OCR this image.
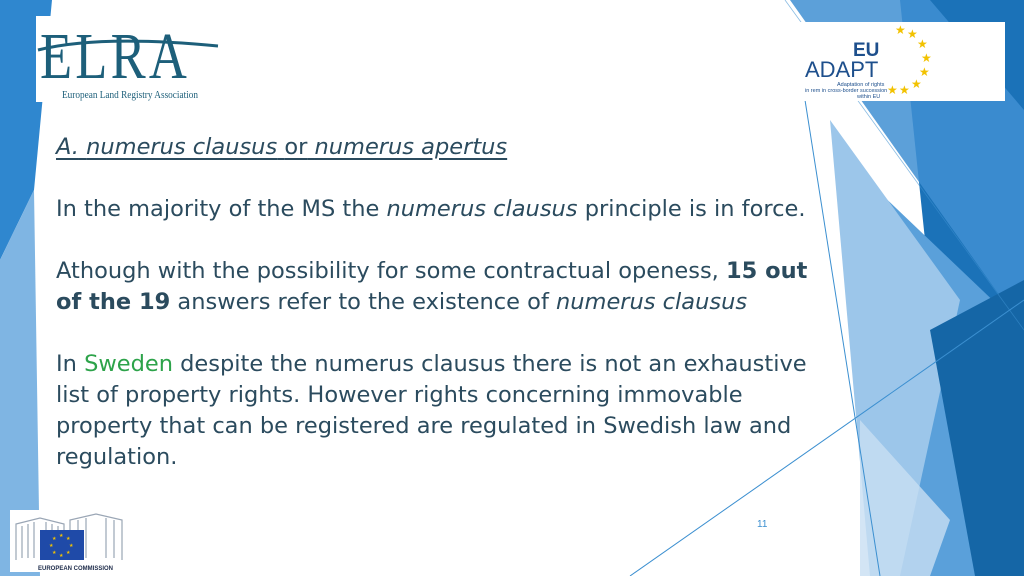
ELRA
European Land Registry Association
★ ★
★
★
★
★
★
★
EU
ADAPT
Adaptation of rights
in rem in cross-border succession
within EU
★ ★
★
★
★
★
★
★
EUROPEAN COMMISSION

A. numerus clausus or numerus apertus

In the majority of the MS the numerus clausus principle is in force.

Athough with the possibility for some contractual openess, 15 out of the 19 answers refer to the existence of numerus clausus

In Sweden despite the numerus clausus there is not an exhaustive list of property rights. However rights concerning immovable property that can be registered are regulated in Swedish law and regulation.

11
